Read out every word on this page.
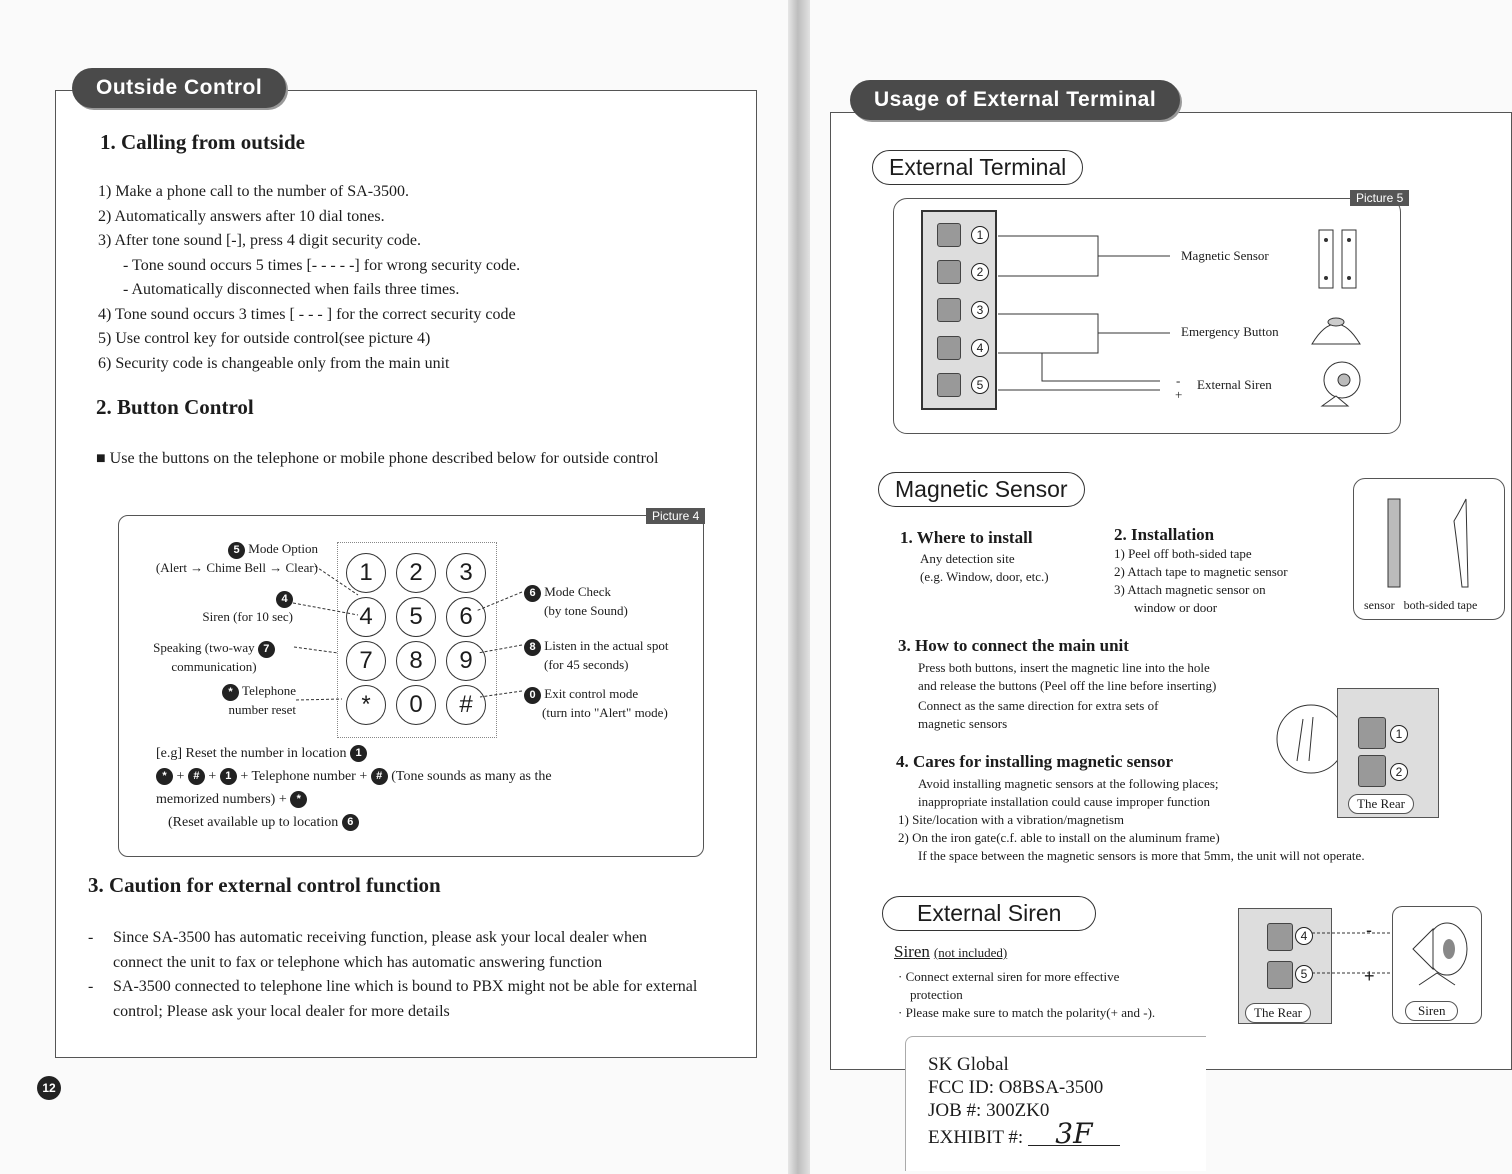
Outside Control
1. Calling from outside
1) Make a phone call to the number of SA-3500.
2) Automatically answers after 10 dial tones.
3) After tone sound [-], press 4 digit security code.
- Tone sound occurs 5 times [- - - - -] for wrong security code.
- Automatically disconnected when fails three times.
4) Tone sound occurs 3 times [ - - - ] for the correct security code
5) Use control key for outside control(see picture 4)
6) Security code is changeable only from the main unit
2. Button Control
■ Use the buttons on the telephone or mobile phone described below for outside control
Picture 4
1	2	3
4	5	6
7	8	9
*	0	#
5 Mode Option
(Alert → Chime Bell → Clear)
4
Siren (for 10 sec)
Speaking (two-way 7
communication)
* Telephone
number reset
6 Mode Check
(by tone Sound)
8 Listen in the actual spot
(for 45 seconds)
0 Exit control mode
(turn into "Alert" mode)
[e.g] Reset the number in location 1
* + # + 1 + Telephone number + # (Tone sounds as many as the
memorized numbers) + *
(Reset available up to location 6
3. Caution for external control function
-	Since SA-3500 has automatic receiving function, please ask your local dealer when connect the unit to fax or telephone which has automatic answering function
-	SA-3500 connected to telephone line which is bound to PBX might not be able for external control; Please ask your local dealer for more details
12
Usage of External Terminal
External Terminal
Picture 5
1
2
3
4
5
Magnetic Sensor
Emergency Button
-
+
External Siren
Magnetic Sensor
1. Where to install
Any detection site
(e.g. Window, door, etc.)
2. Installation
1) Peel off both-sided tape
2) Attach tape to magnetic sensor
3) Attach magnetic sensor on
window or door	sensor   both-sided tape
3. How to connect the main unit
Press both buttons, insert the magnetic line into the hole
and release the buttons (Peel off the line before inserting)
Connect as the same direction for extra sets of
magnetic sensors
1
2
The Rear
4. Cares for installing magnetic sensor
Avoid installing magnetic sensors at the following places;
inappropriate installation could cause improper function
1) Site/location with a vibration/magnetism
2) On the iron gate(c.f. able to install on the aluminum frame)
If the space between the magnetic sensors is more that 5mm, the unit will not operate.
External Siren
Siren (not included)
· Connect external siren for more effective
protection
· Please make sure to match the polarity(+ and -).
4
5
The Rear
-
+
Siren
SK Global
FCC ID: O8BSA-3500
JOB #: 300ZK0
EXHIBIT #: 3F
